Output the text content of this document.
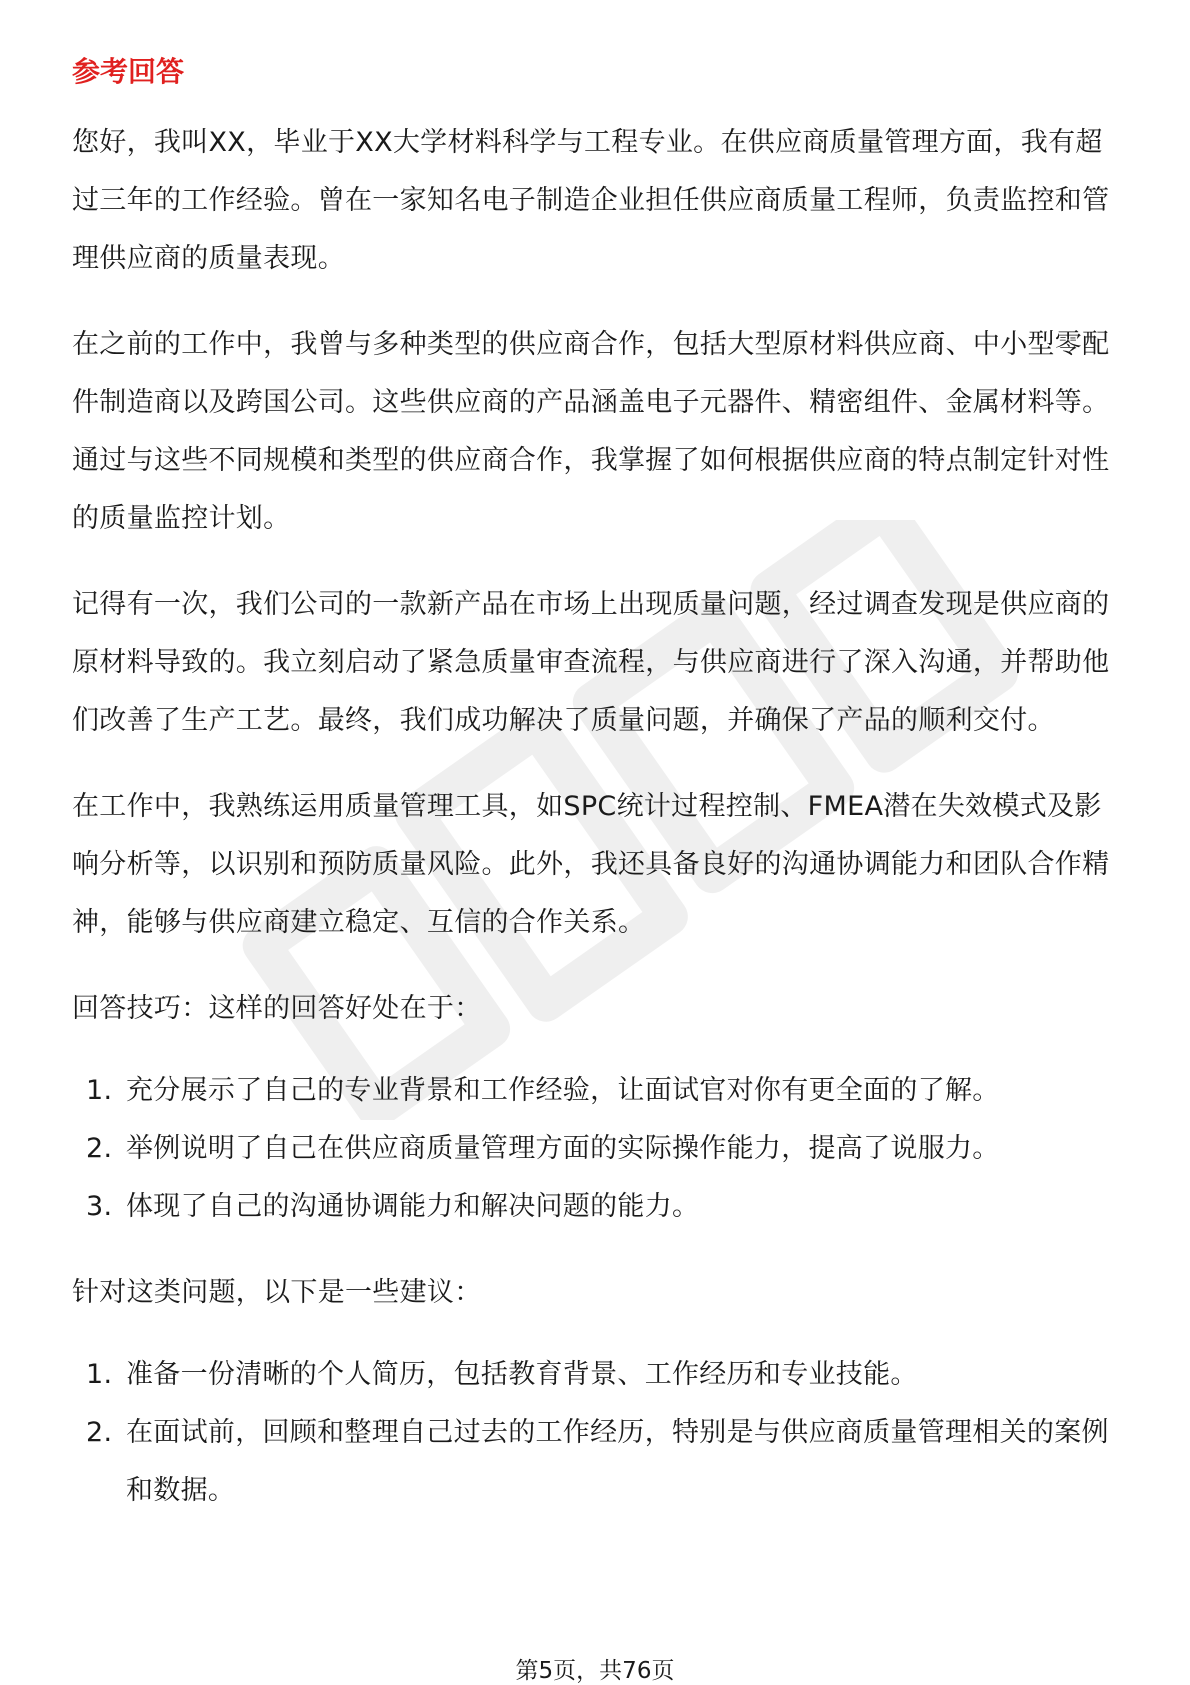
参考回答

您好，我叫XX，毕业于XX大学材料科学与工程专业。在供应商质量管理方面，我有超过三年的工作经验。曾在一家知名电子制造企业担任供应商质量工程师，负责监控和管理供应商的质量表现。

在之前的工作中，我曾与多种类型的供应商合作，包括大型原材料供应商、中小型零配件制造商以及跨国公司。这些供应商的产品涵盖电子元器件、精密组件、金属材料等。通过与这些不同规模和类型的供应商合作，我掌握了如何根据供应商的特点制定针对性的质量监控计划。

记得有一次，我们公司的一款新产品在市场上出现质量问题，经过调查发现是供应商的原材料导致的。我立刻启动了紧急质量审查流程，与供应商进行了深入沟通，并帮助他们改善了生产工艺。最终，我们成功解决了质量问题，并确保了产品的顺利交付。

在工作中，我熟练运用质量管理工具，如SPC统计过程控制、FMEA潜在失效模式及影响分析等，以识别和预防质量风险。此外，我还具备良好的沟通协调能力和团队合作精神，能够与供应商建立稳定、互信的合作关系。

回答技巧：这样的回答好处在于：

1. 充分展示了自己的专业背景和工作经验，让面试官对你有更全面的了解。
2. 举例说明了自己在供应商质量管理方面的实际操作能力，提高了说服力。
3. 体现了自己的沟通协调能力和解决问题的能力。

针对这类问题，以下是一些建议：

1. 准备一份清晰的个人简历，包括教育背景、工作经历和专业技能。
2. 在面试前，回顾和整理自己过去的工作经历，特别是与供应商质量管理相关的案例和数据。
第5页，共76页
